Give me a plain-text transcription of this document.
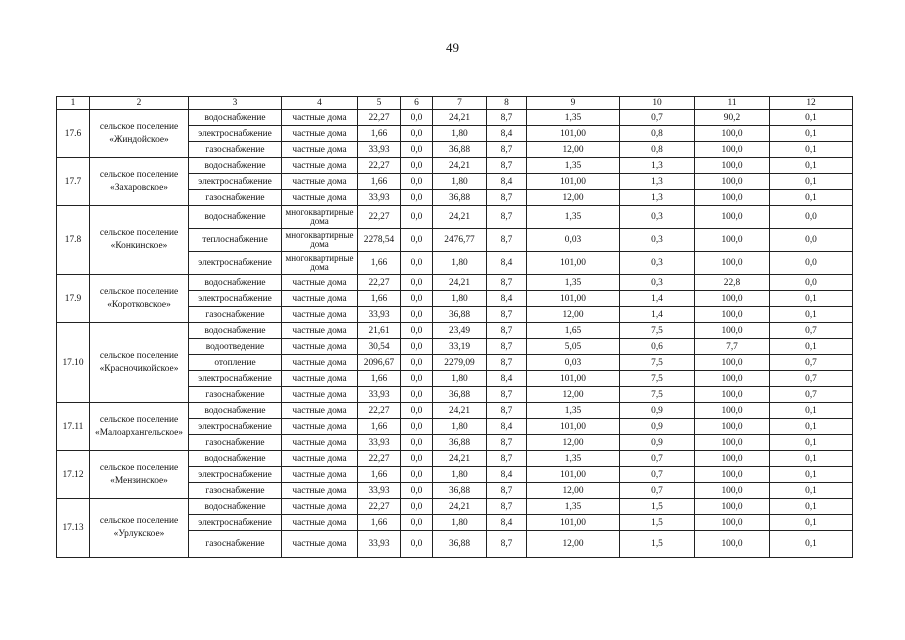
49
1	2	3	4	5	6	7	8	9	10	11	12
17.6	сельское поселение «Жиндойское»	водоснабжение	частные дома	22,27	0,0	24,21	8,7	1,35	0,7	90,2	0,1
		электроснабжение	частные дома	1,66	0,0	1,80	8,4	101,00	0,8	100,0	0,1
		газоснабжение	частные дома	33,93	0,0	36,88	8,7	12,00	0,8	100,0	0,1
17.7	сельское поселение «Захаровское»	водоснабжение	частные дома	22,27	0,0	24,21	8,7	1,35	1,3	100,0	0,1
		электроснабжение	частные дома	1,66	0,0	1,80	8,4	101,00	1,3	100,0	0,1
		газоснабжение	частные дома	33,93	0,0	36,88	8,7	12,00	1,3	100,0	0,1
17.8	сельское поселение «Конкинское»	водоснабжение	многоквартирные дома	22,27	0,0	24,21	8,7	1,35	0,3	100,0	0,0
		теплоснабжение	многоквартирные дома	2278,54	0,0	2476,77	8,7	0,03	0,3	100,0	0,0
		электроснабжение	многоквартирные дома	1,66	0,0	1,80	8,4	101,00	0,3	100,0	0,0
17.9	сельское поселение «Коротковское»	водоснабжение	частные дома	22,27	0,0	24,21	8,7	1,35	0,3	22,8	0,0
		электроснабжение	частные дома	1,66	0,0	1,80	8,4	101,00	1,4	100,0	0,1
		газоснабжение	частные дома	33,93	0,0	36,88	8,7	12,00	1,4	100,0	0,1
17.10	сельское поселение «Красночикойское»	водоснабжение	частные дома	21,61	0,0	23,49	8,7	1,65	7,5	100,0	0,7
		водоотведение	частные дома	30,54	0,0	33,19	8,7	5,05	0,6	7,7	0,1
		отопление	частные дома	2096,67	0,0	2279,09	8,7	0,03	7,5	100,0	0,7
		электроснабжение	частные дома	1,66	0,0	1,80	8,4	101,00	7,5	100,0	0,7
		газоснабжение	частные дома	33,93	0,0	36,88	8,7	12,00	7,5	100,0	0,7
17.11	сельское поселение «Малоархангельское»	водоснабжение	частные дома	22,27	0,0	24,21	8,7	1,35	0,9	100,0	0,1
		электроснабжение	частные дома	1,66	0,0	1,80	8,4	101,00	0,9	100,0	0,1
		газоснабжение	частные дома	33,93	0,0	36,88	8,7	12,00	0,9	100,0	0,1
17.12	сельское поселение «Мензинское»	водоснабжение	частные дома	22,27	0,0	24,21	8,7	1,35	0,7	100,0	0,1
		электроснабжение	частные дома	1,66	0,0	1,80	8,4	101,00	0,7	100,0	0,1
		газоснабжение	частные дома	33,93	0,0	36,88	8,7	12,00	0,7	100,0	0,1
17.13	сельское поселение «Урлукское»	водоснабжение	частные дома	22,27	0,0	24,21	8,7	1,35	1,5	100,0	0,1
		электроснабжение	частные дома	1,66	0,0	1,80	8,4	101,00	1,5	100,0	0,1
		газоснабжение	частные дома	33,93	0,0	36,88	8,7	12,00	1,5	100,0	0,1
